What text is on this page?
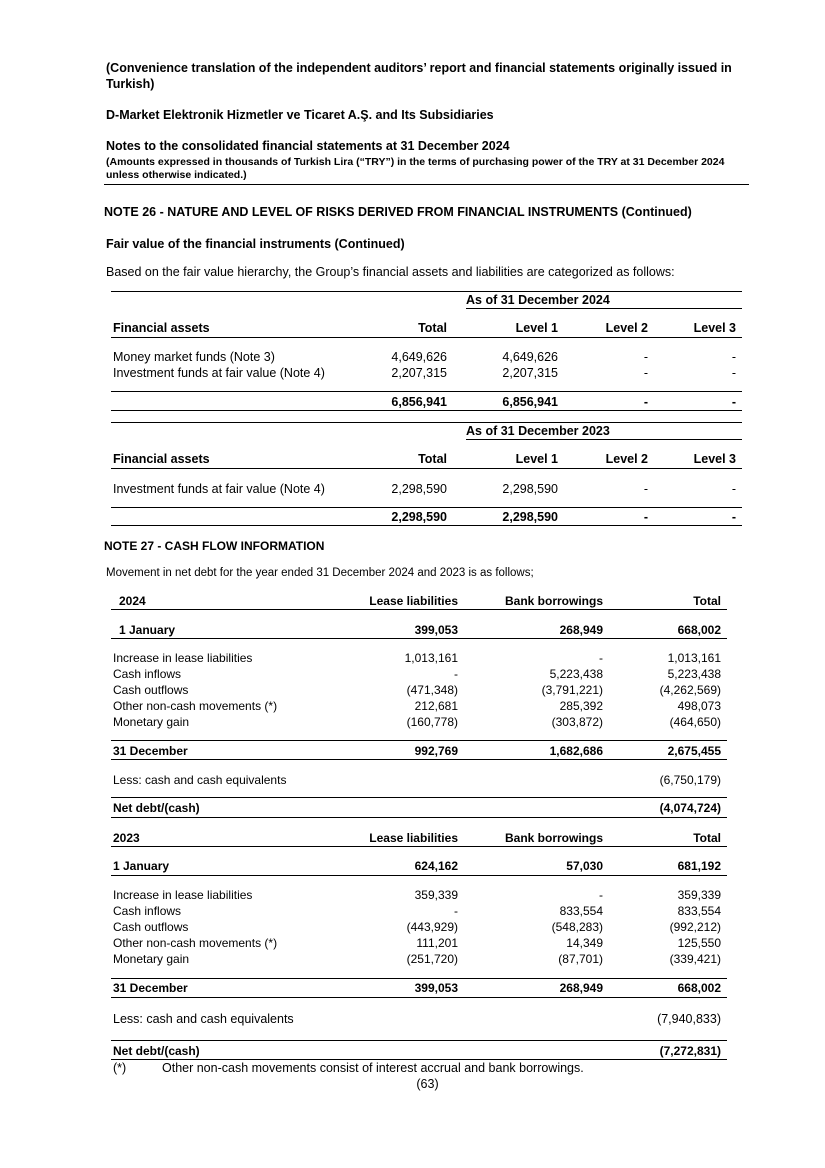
(Convenience translation of the independent auditors’ report and financial statements originally issued in Turkish)
D-Market Elektronik Hizmetler ve Ticaret A.Ş. and Its Subsidiaries
Notes to the consolidated financial statements at 31 December 2024
(Amounts expressed in thousands of Turkish Lira (“TRY”) in the terms of purchasing power of the TRY at 31 December 2024 unless otherwise indicated.)
NOTE 26 - NATURE AND LEVEL OF RISKS DERIVED FROM FINANCIAL INSTRUMENTS (Continued)
Fair value of the financial instruments (Continued)
Based on the fair value hierarchy, the Group’s financial assets and liabilities are categorized as follows:
As of 31 December 2024
Financial assets	Total	Level 1	Level 2	Level 3
Money market funds (Note 3)	4,649,626	4,649,626	-	-
Investment funds at fair value (Note 4)	2,207,315	2,207,315	-	-
6,856,941	6,856,941	-	-
As of 31 December 2023
Financial assets	Total	Level 1	Level 2	Level 3
Investment funds at fair value (Note 4)	2,298,590	2,298,590	-	-
2,298,590	2,298,590	-	-
NOTE 27 - CASH FLOW INFORMATION
Movement in net debt for the year ended 31 December 2024 and 2023 is as follows;
2024	Lease liabilities	Bank borrowings	Total
1 January	399,053	268,949	668,002
Increase in lease liabilities	1,013,161	-	1,013,161
Cash inflows	-	5,223,438	5,223,438
Cash outflows	(471,348)	(3,791,221)	(4,262,569)
Other non-cash movements (*)	212,681	285,392	498,073
Monetary gain	(160,778)	(303,872)	(464,650)
31 December	992,769	1,682,686	2,675,455
Less: cash and cash equivalents	(6,750,179)
Net debt/(cash)	(4,074,724)
2023	Lease liabilities	Bank borrowings	Total
1 January	624,162	57,030	681,192
Increase in lease liabilities	359,339	-	359,339
Cash inflows	-	833,554	833,554
Cash outflows	(443,929)	(548,283)	(992,212)
Other non-cash movements (*)	111,201	14,349	125,550
Monetary gain	(251,720)	(87,701)	(339,421)
31 December	399,053	268,949	668,002
Less: cash and cash equivalents	(7,940,833)
Net debt/(cash)	(7,272,831)
(*)	Other non-cash movements consist of interest accrual and bank borrowings.
(63)
